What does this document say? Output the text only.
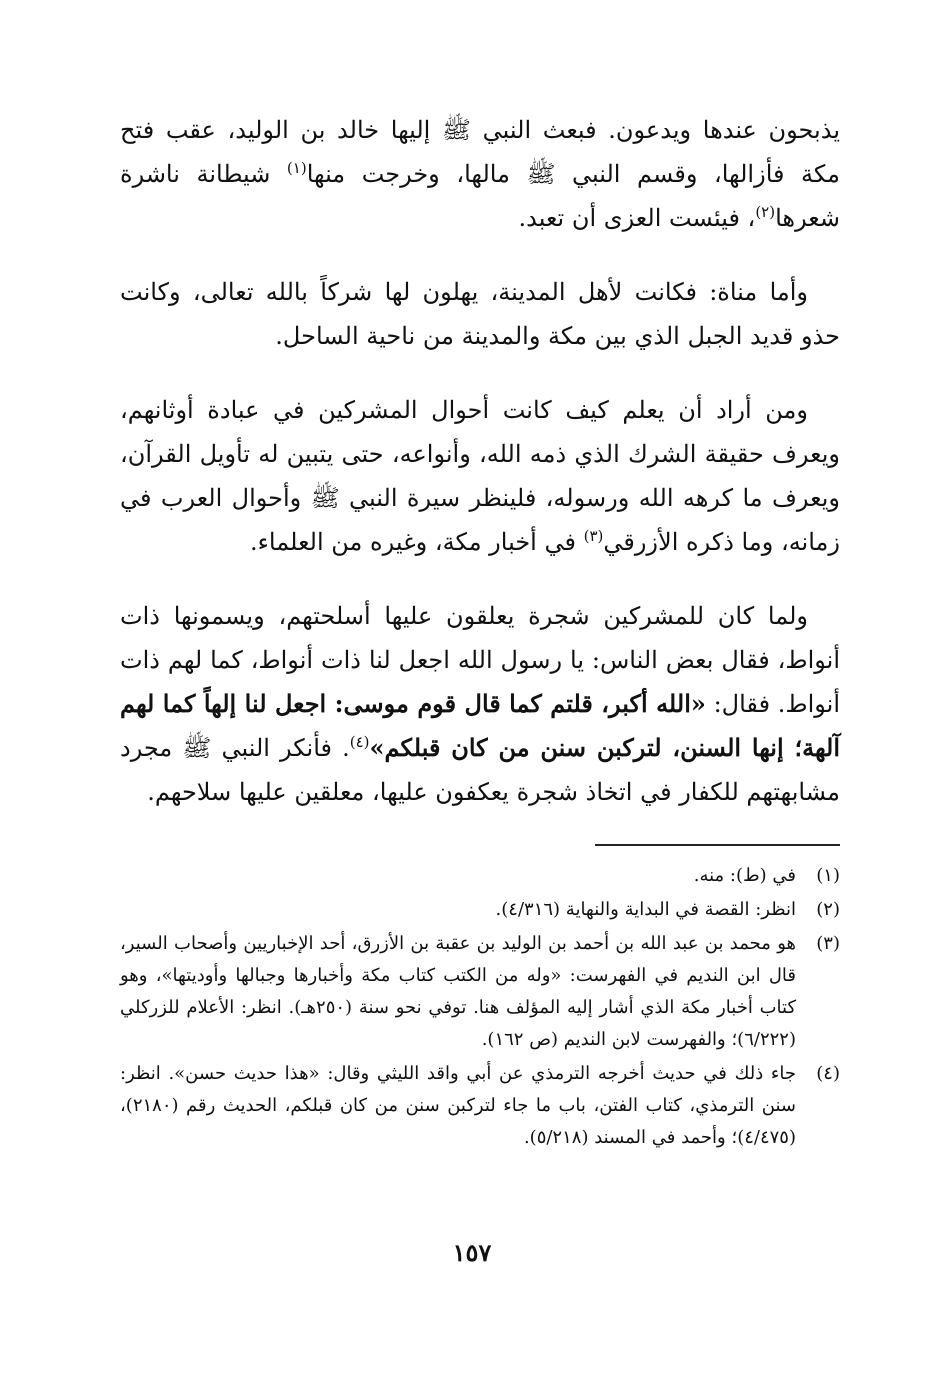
يذبحون عندها ويدعون. فبعث النبي ﷺ إليها خالد بن الوليد، عقب فتح مكة فأزالها، وقسم النبي ﷺ مالها، وخرجت منها$^{(١)}$ شيطانة ناشرة شعرها$^{(٢)}$، فيئست العزى أن تعبد.

وأما مناة: فكانت لأهل المدينة، يهلون لها شركاً بالله تعالى، وكانت حذو قديد الجبل الذي بين مكة والمدينة من ناحية الساحل.

ومن أراد أن يعلم كيف كانت أحوال المشركين في عبادة أوثانهم، ويعرف حقيقة الشرك الذي ذمه الله، وأنواعه، حتى يتبين له تأويل القرآن، ويعرف ما كرهه الله ورسوله، فلينظر سيرة النبي ﷺ وأحوال العرب في زمانه، وما ذكره الأزرقي$^{(٣)}$ في أخبار مكة، وغيره من العلماء.

ولما كان للمشركين شجرة يعلقون عليها أسلحتهم، ويسمونها ذات أنواط، فقال بعض الناس: يا رسول الله اجعل لنا ذات أنواط، كما لهم ذات أنواط. فقال: «الله أكبر، قلتم كما قال قوم موسى: اجعل لنا إلهاً كما لهم آلهة؛ إنها السنن، لتركبن سنن من كان قبلكم»$^{(٤)}$. فأنكر النبي ﷺ مجرد مشابهتهم للكفار في اتخاذ شجرة يعكفون عليها، معلقين عليها سلاحهم.

(١)
في (ط): منه.
(٢)
انظر: القصة في البداية والنهاية (٤/٣١٦).
(٣)
هو محمد بن عبد الله بن أحمد بن الوليد بن عقبة بن الأزرق، أحد الإخباريين وأصحاب السير، قال ابن النديم في الفهرست: «وله من الكتب كتاب مكة وأخبارها وجبالها وأوديتها»، وهو كتاب أخبار مكة الذي أشار إليه المؤلف هنا. توفي نحو سنة (٢٥٠هـ). انظر: الأعلام للزركلي (٦/٢٢٢)؛ والفهرست لابن النديم (ص ١٦٢).
(٤)
جاء ذلك في حديث أخرجه الترمذي عن أبي واقد الليثي وقال: «هذا حديث حسن». انظر: سنن الترمذي، كتاب الفتن، باب ما جاء لتركبن سنن من كان قبلكم، الحديث رقم (٢١٨٠)، (٤/٤٧٥)؛ وأحمد في المسند (٥/٢١٨).
١٥٧
